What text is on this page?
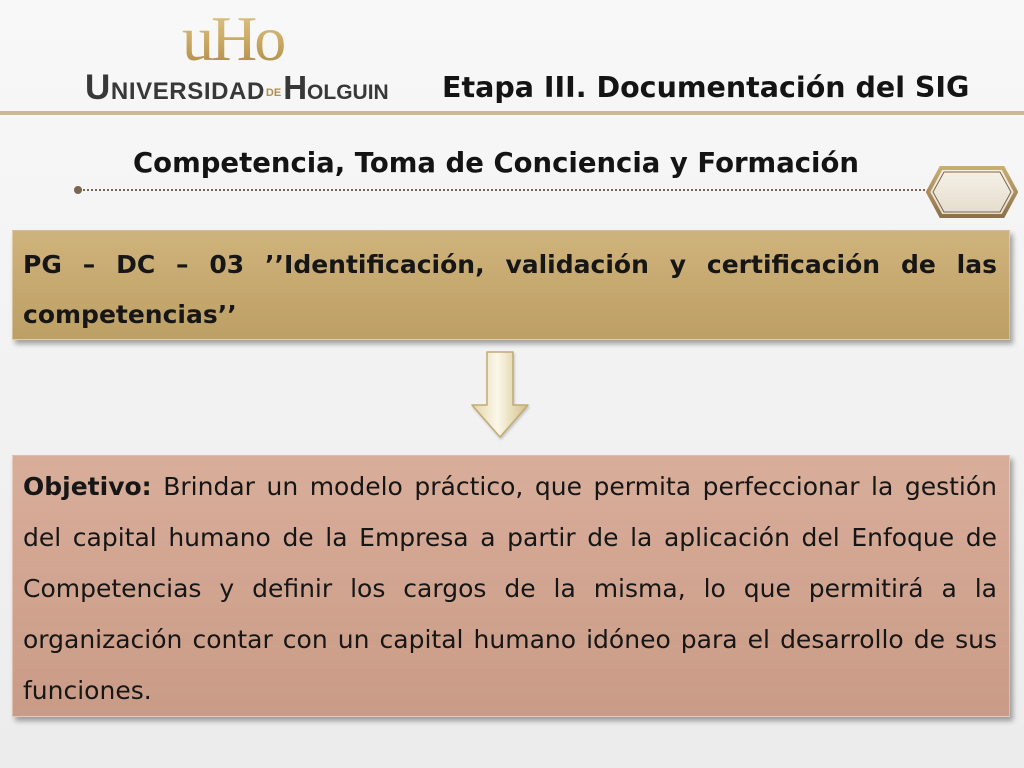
uHo
UNIVERSIDAD DE HOLGUIN Etapa III. Documentación del SIG
Competencia, Toma de Conciencia y Formación
PG – DC – 03 ’’Identificación, validación y certificación de las competencias’’
Objetivo: Brindar un modelo práctico, que permita perfeccionar la gestión del capital humano de la Empresa a partir de la aplicación del Enfoque de Competencias y definir los cargos de la misma, lo que permitirá a la organización contar con un capital humano idóneo para el desarrollo de sus funciones.
